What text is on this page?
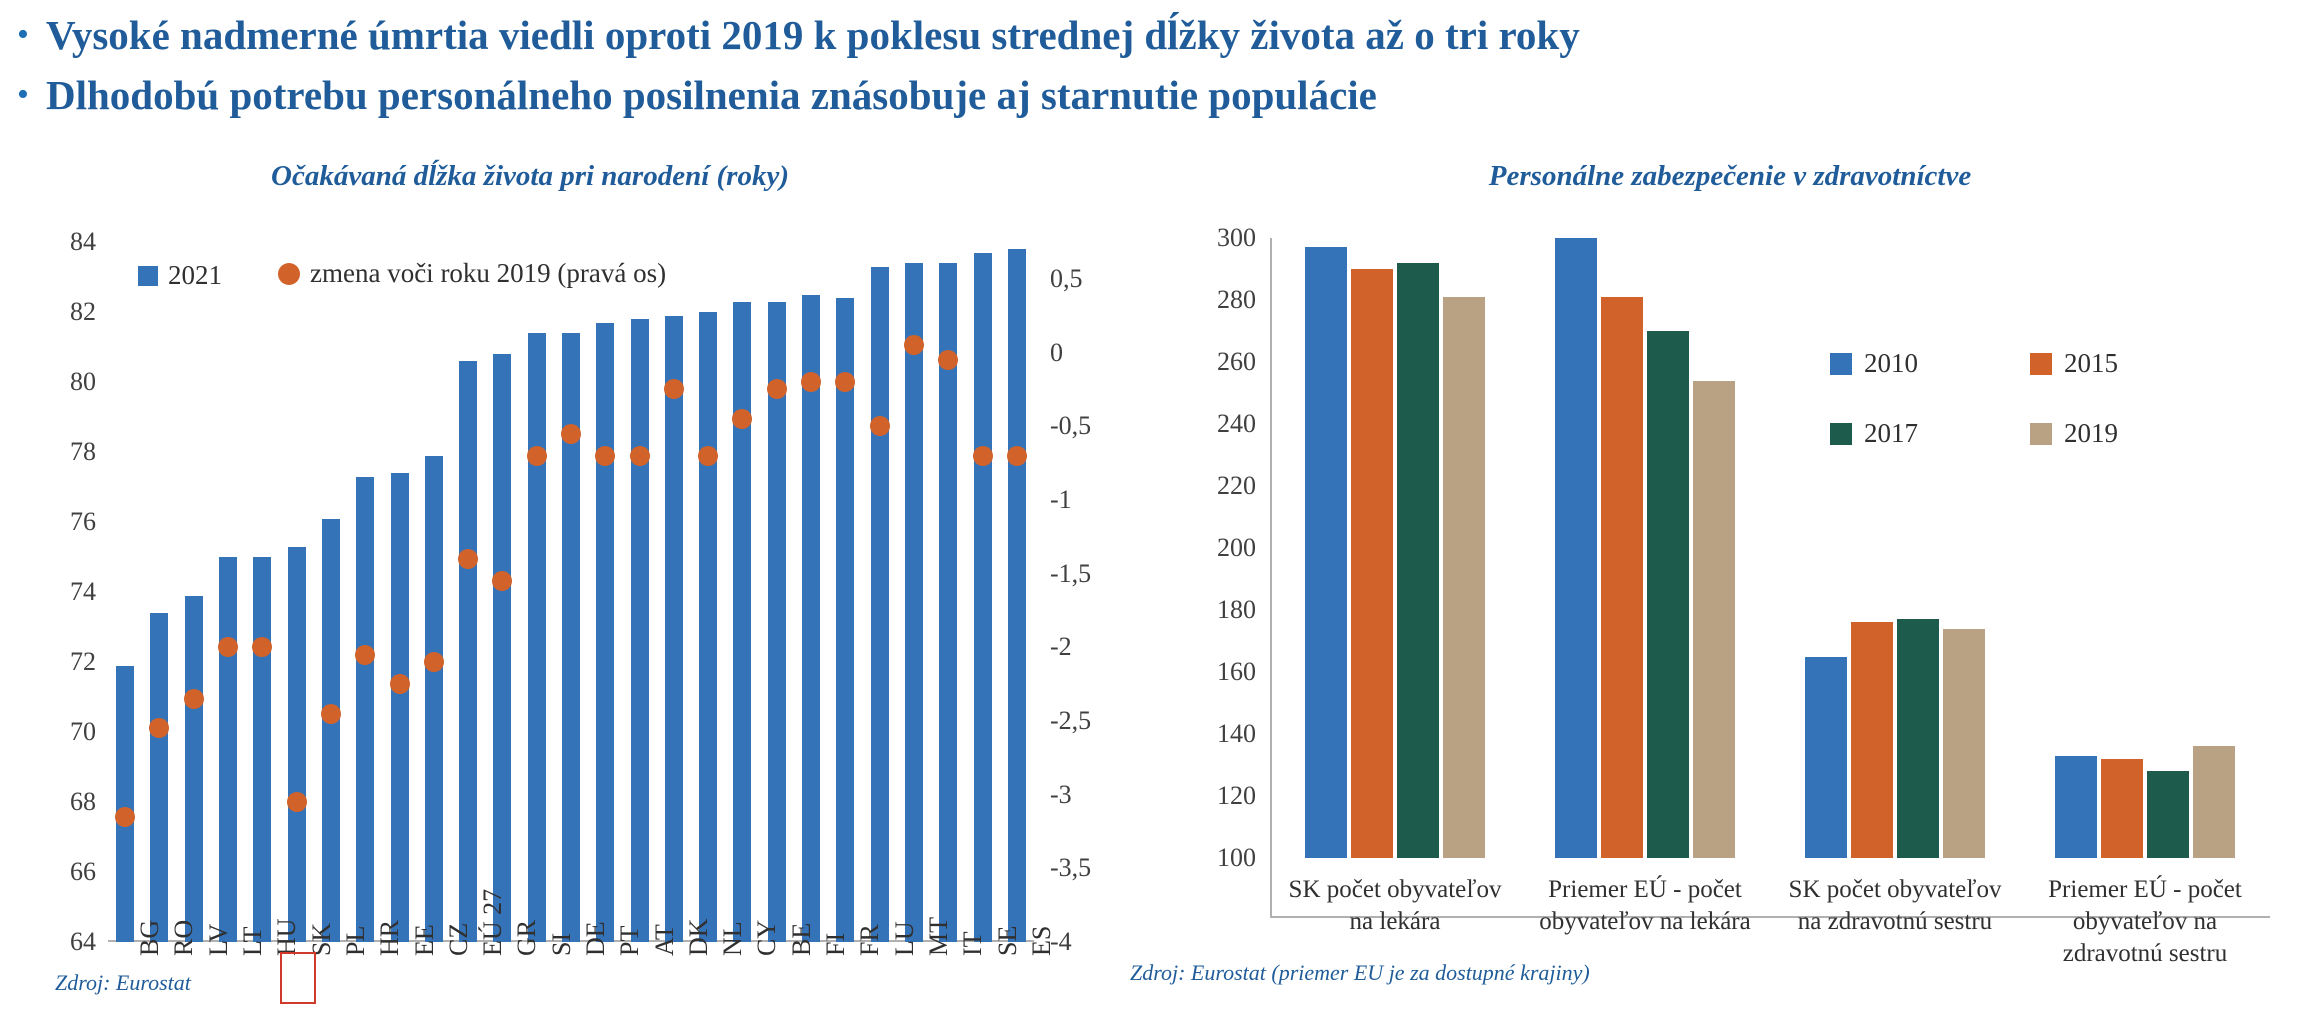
• Vysoké nadmerné úmrtia viedli oproti 2019 k poklesu strednej dĺžky života až o tri roky
• Dlhodobú potrebu personálneho posilnenia znásobuje aj starnutie populácie
Očakávaná dĺžka života pri narodení (roky)
64
66
68
70
72
74
76
78
80
82
84
-4
-3,5
-3
-2,5
-2
-1,5
-1
-0,5
0
0,5
BG RO LV LT HU SK PL HR EE CZ EÚ 27 GR SI DE PT AT DK NL CY BE FI FR LU MT IT SE ES
2021	zmena voči roku 2019 (pravá os)
Zdroj: Eurostat
Personálne zabezpečenie v zdravotníctve
100
120
140
160
180
200
220
240
260
280
300
SK počet obyvateľov na lekára
Priemer EÚ - počet obyvateľov na lekára
SK počet obyvateľov na zdravotnú sestru
Priemer EÚ - počet obyvateľov na zdravotnú sestru
2010	2015
2017	2019
Zdroj: Eurostat (priemer EU je za dostupné krajiny)
